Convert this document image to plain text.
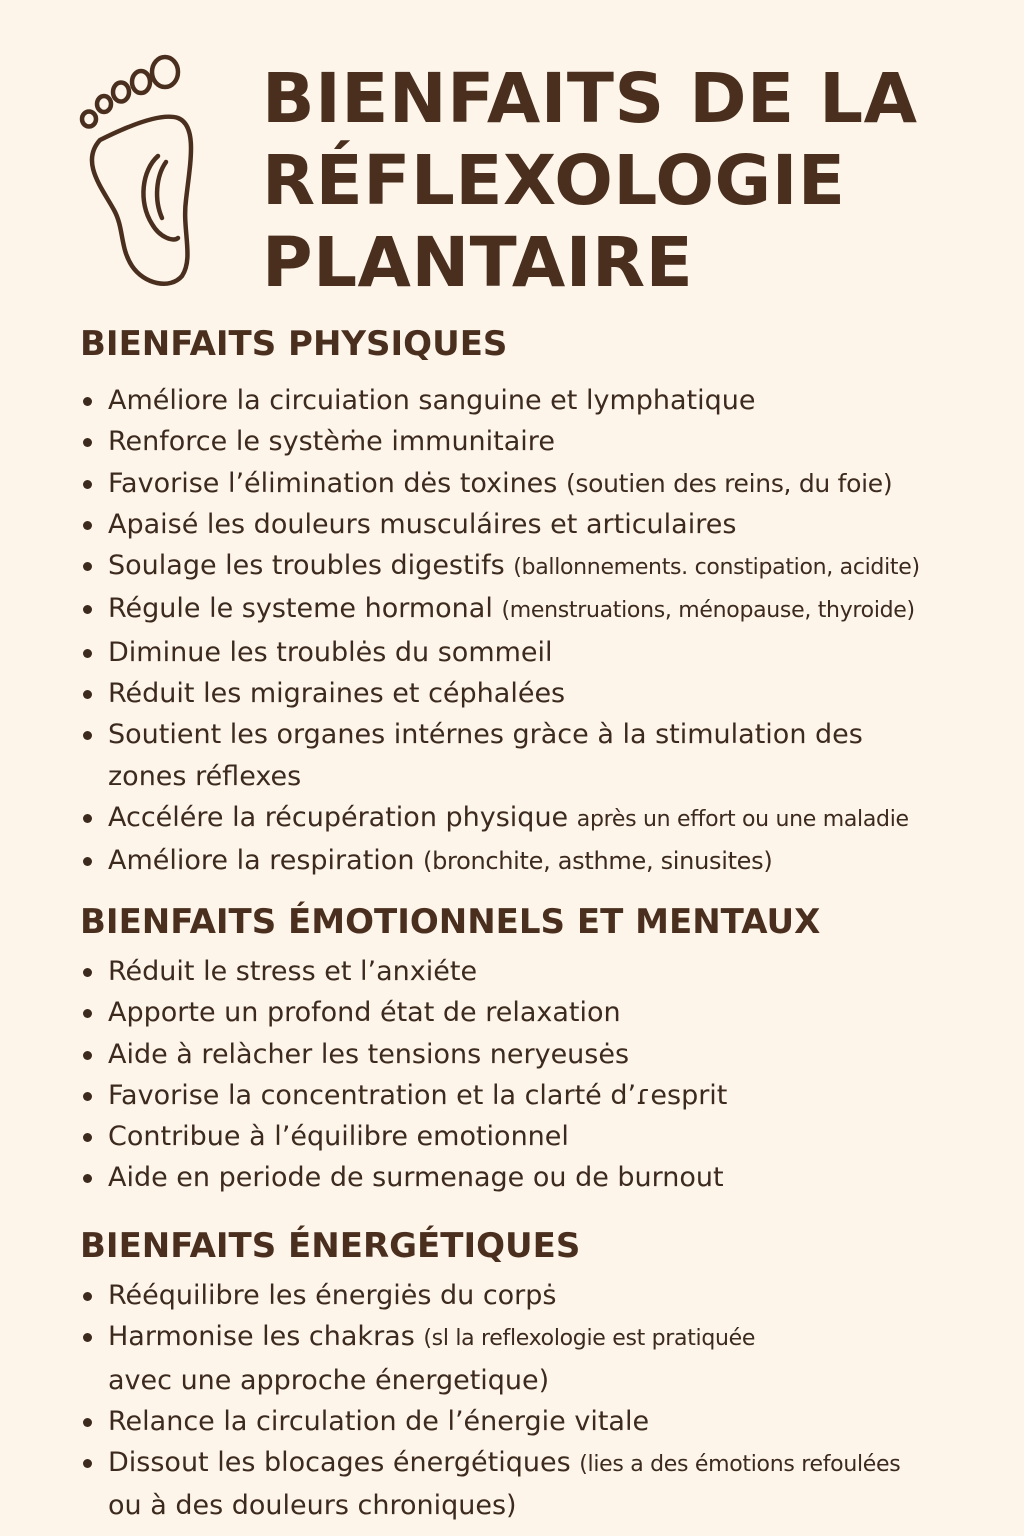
BIENFAITS DE LA
RÉFLEXOLOGIE
PLANTAIRE
BIENFAITS PHYSIQUES
Améliore la circuiation sanguine et lymphatique
Renforce le systèṁe immunitaire
Favorise l’élimination dės toxines (soutien des reins, du foie)
Apaisé les douleurs musculáires et articulaires
Soulage les troubles digestifs (ballonnements. constipation, acidite)
Régule le systeme hormonal (menstruations, ménopause, thyroide)
Diminue les troublės du sommeil
Réduit les migraines et céphalées
Soutient les organes intérnes gràce à la stimulation des
zones réflexes
Accélére la récupération physique après un effort ou une maladie
Améliore la respiration (bronchite, asthme, sinusites)
BIENFAITS ÉMOTIONNELS ET MENTAUX
Réduit le stress et l’anxiéte
Apporte un profond état de relaxation
Aide à relàcher les tensions neryeusės
Favorise la concentration et la clarté d’ɾesprit
Contribue à l’équilibre emotionnel
Aide en periode de surmenage ou de burnout
BIENFAITS ÉNERGÉTIQUES
Rééquilibre les énergiės du corpṡ
Harmonise les chakras (sl la reflexologie est pratiquée
avec une approche énergetique)
Relance la circulation de l’énergie vitale
Dissout les blocages énergétiques (lies a des émotions refoulées
ou à des douleurs chroniques)
